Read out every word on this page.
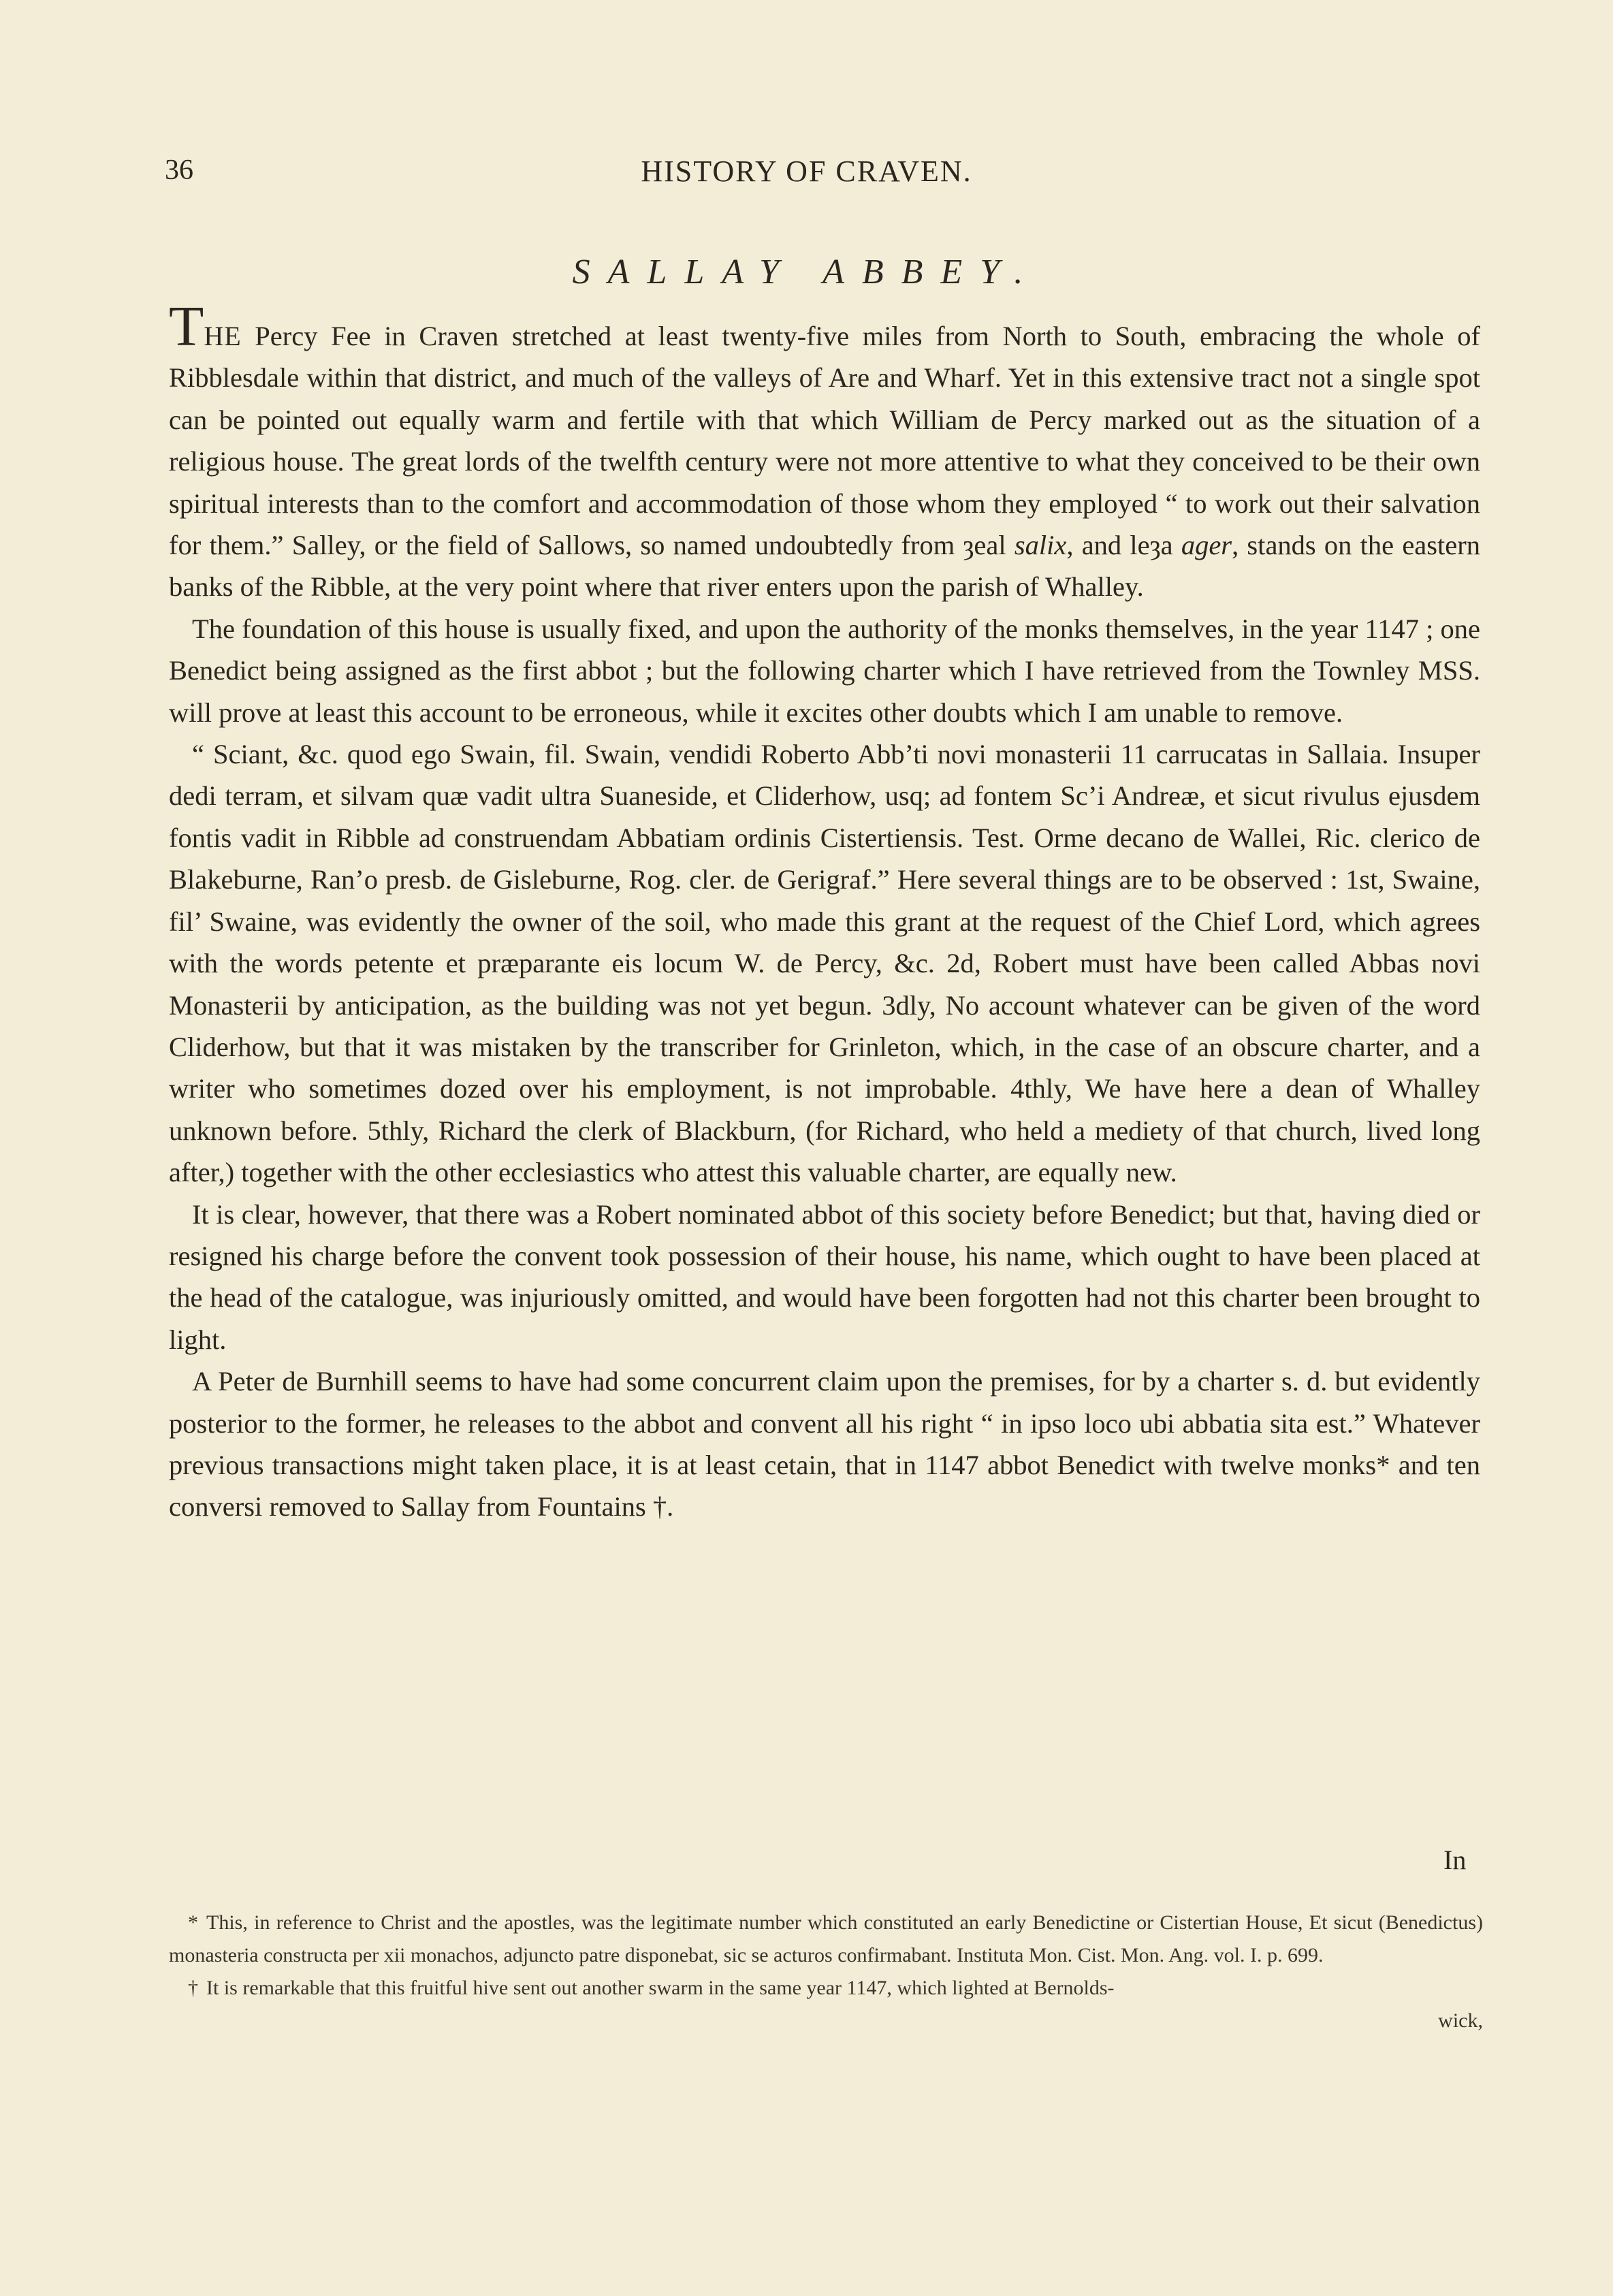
36	HISTORY OF CRAVEN.
SALLAY ABBEY.

THE Percy Fee in Craven stretched at least twenty-five miles from North to South, embracing the whole of Ribblesdale within that district, and much of the valleys of Are and Wharf. Yet in this extensive tract not a single spot can be pointed out equally warm and fertile with that which William de Percy marked out as the situation of a religious house. The great lords of the twelfth century were not more attentive to what they conceived to be their own spiritual interests than to the comfort and accommodation of those whom they employed “ to work out their salvation for them.” Salley, or the field of Sallows, so named undoubtedly from ȝeal salix, and leȝa ager, stands on the eastern banks of the Ribble, at the very point where that river enters upon the parish of Whalley.

The foundation of this house is usually fixed, and upon the authority of the monks themselves, in the year 1147 ; one Benedict being assigned as the first abbot ; but the following charter which I have retrieved from the Townley MSS. will prove at least this account to be erroneous, while it excites other doubts which I am unable to remove.

“ Sciant, &c. quod ego Swain, fil. Swain, vendidi Roberto Abb’ti novi monasterii 11 carrucatas in Sallaia. Insuper dedi terram, et silvam quæ vadit ultra Suaneside, et Cliderhow, usq; ad fontem Sc’i Andreæ, et sicut rivulus ejusdem fontis vadit in Ribble ad construendam Abbatiam ordinis Cistertiensis. Test. Orme decano de Wallei, Ric. clerico de Blakeburne, Ran’o presb. de Gisleburne, Rog. cler. de Gerigraf.” Here several things are to be observed : 1st, Swaine, fil’ Swaine, was evidently the owner of the soil, who made this grant at the request of the Chief Lord, which agrees with the words petente et præparante eis locum W. de Percy, &c. 2d, Robert must have been called Abbas novi Monasterii by anticipation, as the building was not yet begun. 3dly, No account whatever can be given of the word Cliderhow, but that it was mistaken by the transcriber for Grinleton, which, in the case of an obscure charter, and a writer who sometimes dozed over his employment, is not improbable. 4thly, We have here a dean of Whalley unknown before. 5thly, Richard the clerk of Blackburn, (for Richard, who held a mediety of that church, lived long after,) together with the other ecclesiastics who attest this valuable charter, are equally new.

It is clear, however, that there was a Robert nominated abbot of this society before Benedict; but that, having died or resigned his charge before the convent took possession of their house, his name, which ought to have been placed at the head of the catalogue, was injuriously omitted, and would have been forgotten had not this charter been brought to light.

A Peter de Burnhill seems to have had some concurrent claim upon the premises, for by a charter s. d. but evidently posterior to the former, he releases to the abbot and convent all his right “ in ipso loco ubi abbatia sita est.” Whatever previous transactions might taken place, it is at least cetain, that in 1147 abbot Benedict with twelve monks* and ten conversi removed to Sallay from Fountains †.

In

* This, in reference to Christ and the apostles, was the legitimate number which constituted an early Benedictine or Cistertian House, Et sicut (Benedictus) monasteria constructa per xii monachos, adjuncto patre disponebat, sic se acturos confirmabant. Instituta Mon. Cist. Mon. Ang. vol. I. p. 699.

† It is remarkable that this fruitful hive sent out another swarm in the same year 1147, which lighted at Bernolds-

wick,
